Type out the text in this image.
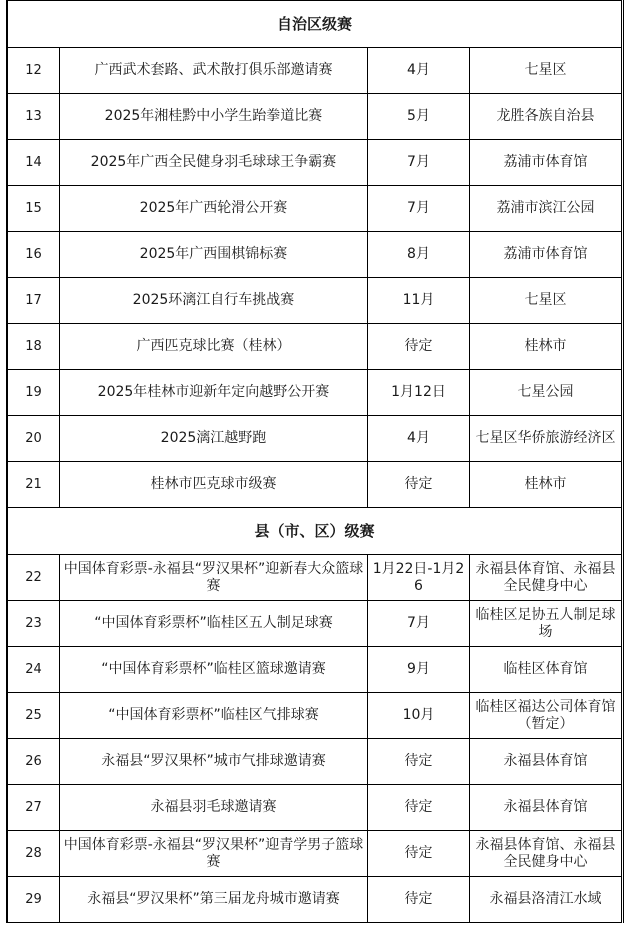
自治区级赛			
12	广西武术套路、武术散打俱乐部邀请赛	4月	七星区
13	2025年湘桂黔中小学生跆拳道比赛	5月	龙胜各族自治县
14	2025年广西全民健身羽毛球球王争霸赛	7月	荔浦市体育馆
15	2025年广西轮滑公开赛	7月	荔浦市滨江公园
16	2025年广西围棋锦标赛	8月	荔浦市体育馆
17	2025环漓江自行车挑战赛	11月	七星区
18	广西匹克球比赛（桂林）	待定	桂林市
19	2025年桂林市迎新年定向越野公开赛	1月12日	七星公园
20	2025漓江越野跑	4月	七星区华侨旅游经济区
21	桂林市匹克球市级赛	待定	桂林市
县（市、区）级赛			
22	中国体育彩票-永福县“罗汉果杯”迎新春大众篮球赛	1月22日-1月26	永福县体育馆、永福县全民健身中心
23	“中国体育彩票杯”临桂区五人制足球赛	7月	临桂区足协五人制足球场
24	“中国体育彩票杯”临桂区篮球邀请赛	9月	临桂区体育馆
25	“中国体育彩票杯”临桂区气排球赛	10月	临桂区福达公司体育馆（暂定）
26	永福县“罗汉果杯”城市气排球邀请赛	待定	永福县体育馆
27	永福县羽毛球邀请赛	待定	永福县体育馆
28	中国体育彩票-永福县“罗汉果杯”迎青学男子篮球赛	待定	永福县体育馆、永福县全民健身中心
29	永福县“罗汉果杯”第三届龙舟城市邀请赛	待定	永福县洛清江水域
